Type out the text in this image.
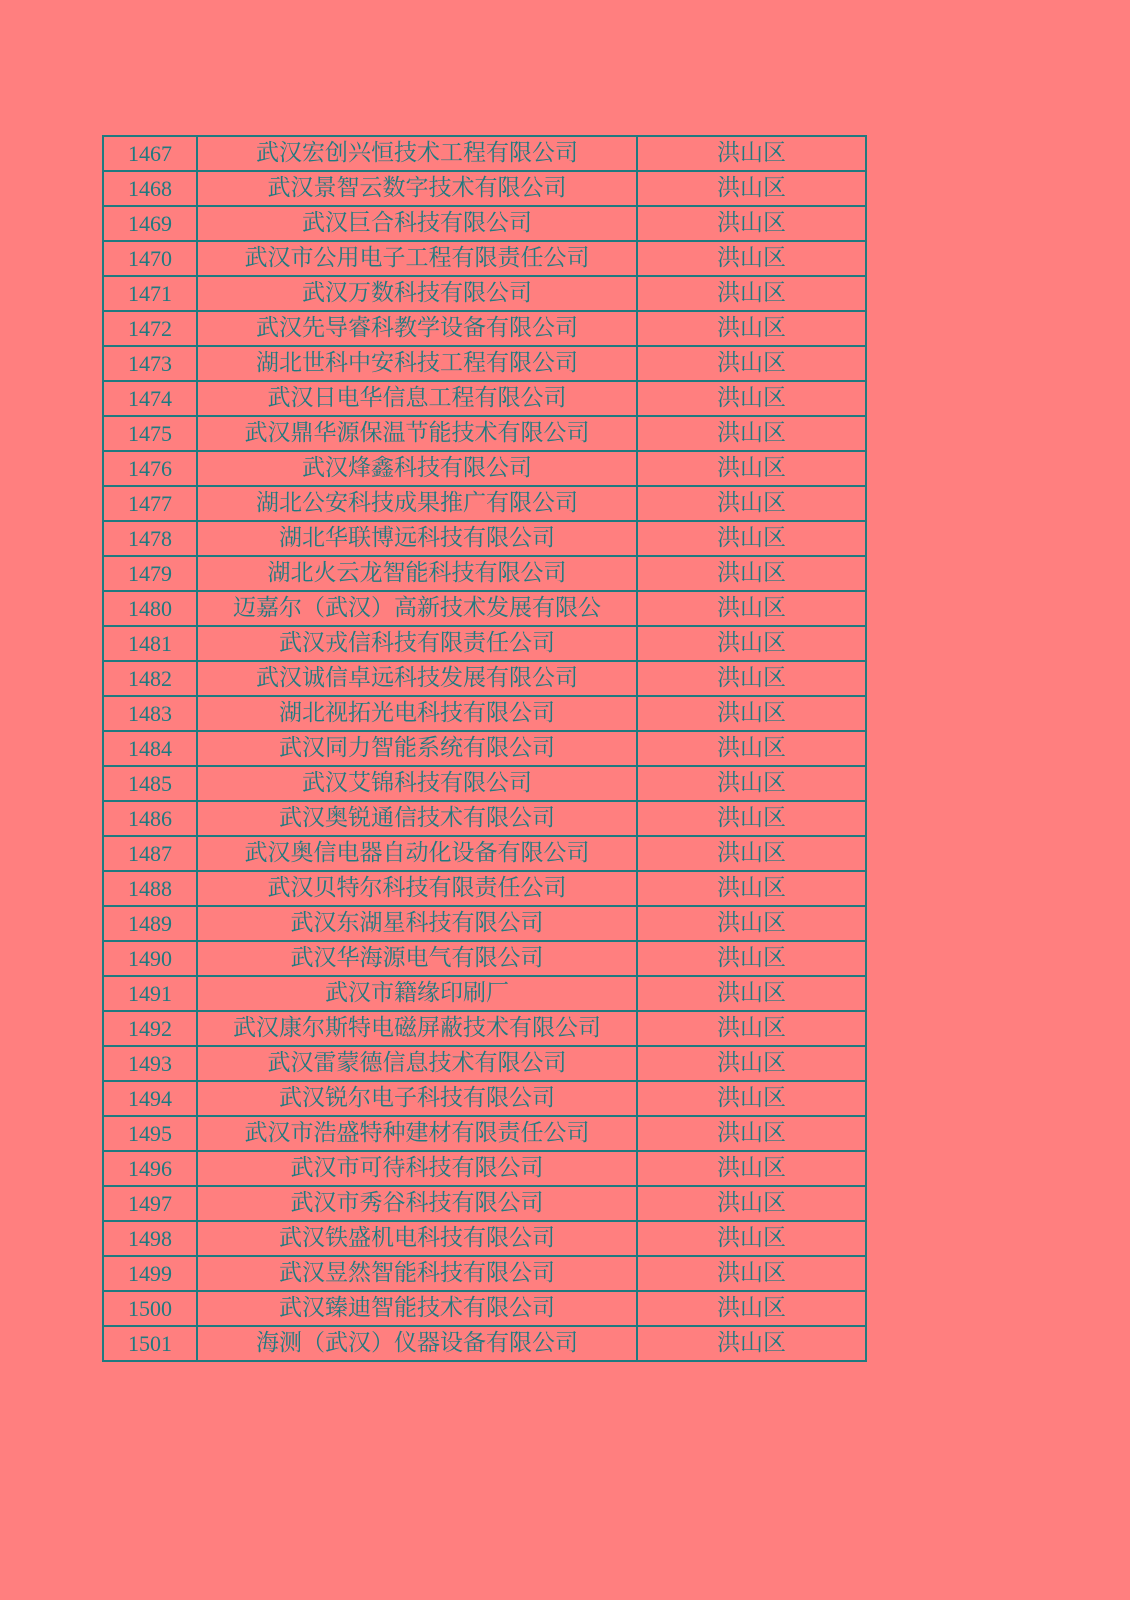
1467	武汉宏创兴恒技术工程有限公司	洪山区
1468	武汉景智云数字技术有限公司	洪山区
1469	武汉巨合科技有限公司	洪山区
1470	武汉市公用电子工程有限责任公司	洪山区
1471	武汉万数科技有限公司	洪山区
1472	武汉先导睿科教学设备有限公司	洪山区
1473	湖北世科中安科技工程有限公司	洪山区
1474	武汉日电华信息工程有限公司	洪山区
1475	武汉鼎华源保温节能技术有限公司	洪山区
1476	武汉烽鑫科技有限公司	洪山区
1477	湖北公安科技成果推广有限公司	洪山区
1478	湖北华联博远科技有限公司	洪山区
1479	湖北火云龙智能科技有限公司	洪山区
1480	迈嘉尔（武汉）高新技术发展有限公	洪山区
1481	武汉戎信科技有限责任公司	洪山区
1482	武汉诚信卓远科技发展有限公司	洪山区
1483	湖北视拓光电科技有限公司	洪山区
1484	武汉同力智能系统有限公司	洪山区
1485	武汉艾锦科技有限公司	洪山区
1486	武汉奥锐通信技术有限公司	洪山区
1487	武汉奥信电器自动化设备有限公司	洪山区
1488	武汉贝特尔科技有限责任公司	洪山区
1489	武汉东湖星科技有限公司	洪山区
1490	武汉华海源电气有限公司	洪山区
1491	武汉市籍缘印刷厂	洪山区
1492	武汉康尔斯特电磁屏蔽技术有限公司	洪山区
1493	武汉雷蒙德信息技术有限公司	洪山区
1494	武汉锐尔电子科技有限公司	洪山区
1495	武汉市浩盛特种建材有限责任公司	洪山区
1496	武汉市可待科技有限公司	洪山区
1497	武汉市秀谷科技有限公司	洪山区
1498	武汉铁盛机电科技有限公司	洪山区
1499	武汉昱然智能科技有限公司	洪山区
1500	武汉臻迪智能技术有限公司	洪山区
1501	海测（武汉）仪器设备有限公司	洪山区
